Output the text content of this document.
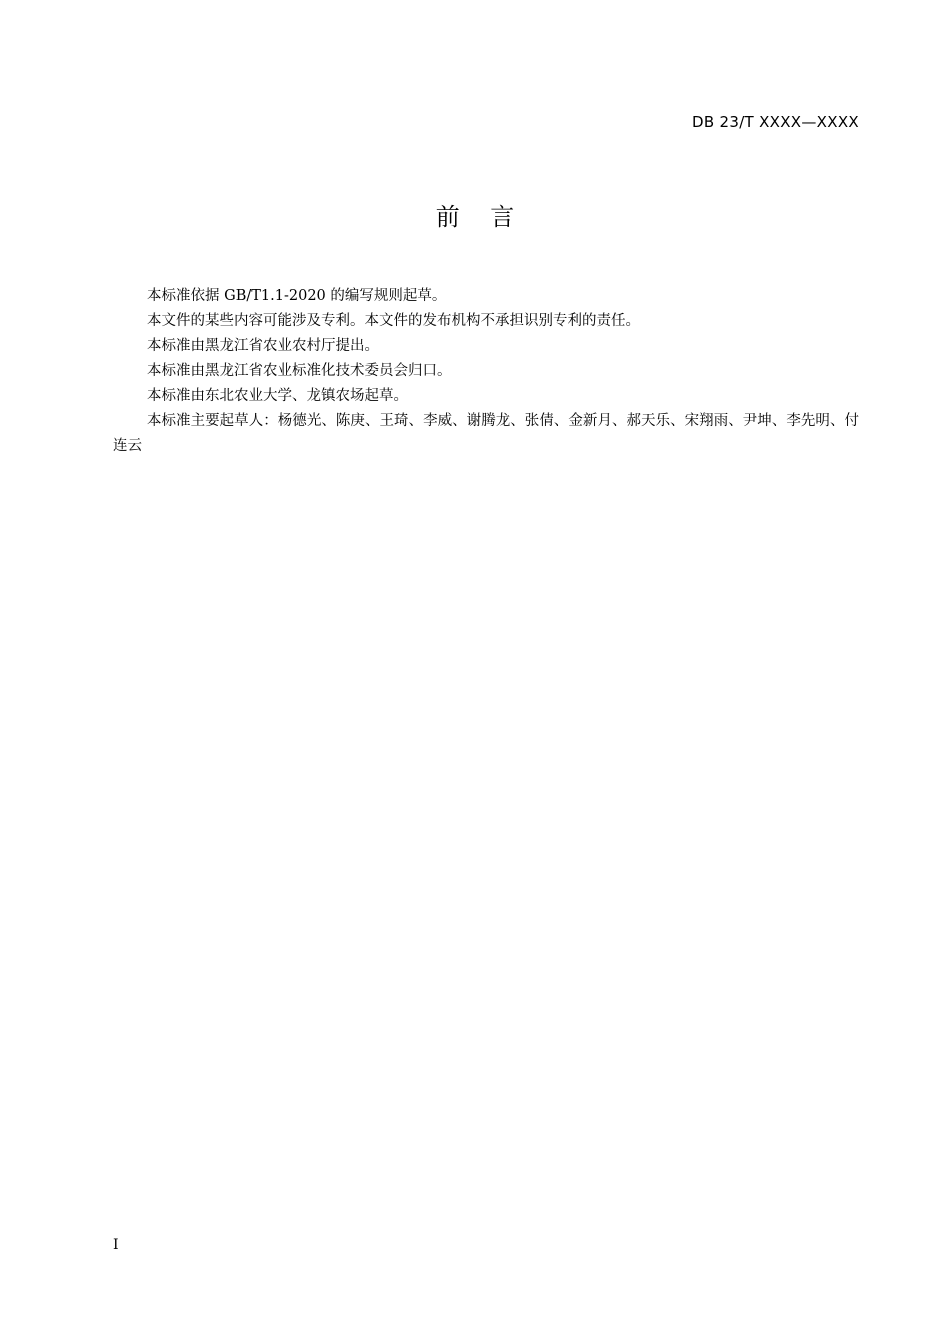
DB 23/T XXXX—XXXX
前    言

本标准依据 GB/T1.1-2020 的编写规则起草。

本文件的某些内容可能涉及专利。本文件的发布机构不承担识别专利的责任。

本标准由黑龙江省农业农村厅提出。

本标准由黑龙江省农业标准化技术委员会归口。

本标准由东北农业大学、龙镇农场起草。

本标准主要起草人：杨德光、陈庚、王琦、李威、谢腾龙、张倩、金新月、郝天乐、宋翔雨、尹坤、李先明、付连云

I
